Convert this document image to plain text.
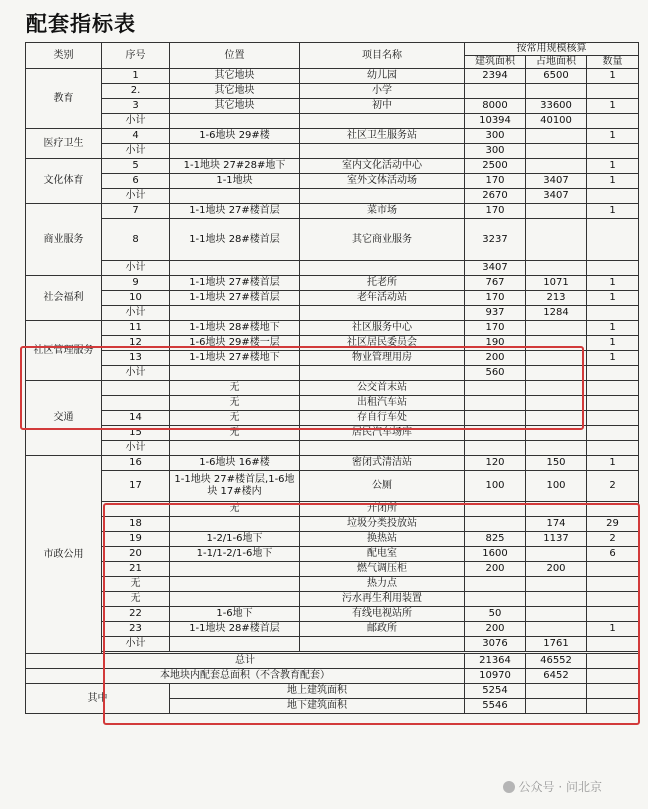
配套指标表
类别	序号	位置	项目名称	按常用规模核算		
				建筑面积	占地面积	数量
教育	1	其它地块	幼儿园	2394	6500	1
	2.	其它地块	小学			
	3	其它地块	初中	8000	33600	1
	小计			10394	40100	
医疗卫生	4	1-6地块 29#楼	社区卫生服务站	300		1
	小计			300		
文化体育	5	1-1地块 27#28#地下	室内文化活动中心	2500		1
	6	1-1地块	室外文体活动场	170	3407	1
	小计			2670	3407	
商业服务	7	1-1地块 27#楼首层	菜市场	170		1
	8	1-1地块 28#楼首层	其它商业服务	3237		
	小计			3407		
社会福利	9	1-1地块 27#楼首层	托老所	767	1071	1
	10	1-1地块 27#楼首层	老年活动站	170	213	1
	小计			937	1284	
社区管理服务	11	1-1地块 28#楼地下	社区服务中心	170		1
	12	1-6地块 29#楼一层	社区居民委员会	190		1
	13	1-1地块 27#楼地下	物业管理用房	200		1
	小计			560		
交通		无	公交首末站			
		无	出租汽车站			
	14	无	存自行车处			
	15	无	居民汽车场库			
	小计					
市政公用	16	1-6地块 16#楼	密闭式清洁站	120	150	1
	17	1-1地块 27#楼首层,1-6地块 17#楼内	公厕	100	100	2
		无	开闭所			
	18		垃圾分类投放站		174	29
	19	1-2/1-6地下	换热站	825	1137	2
	20	1-1/1-2/1-6地下	配电室	1600		6
	21		燃气调压柜	200	200	
	无		热力点			
	无		污水再生利用装置			
	22	1-6地下	有线电视站所	50		
	23	1-1地块 28#楼首层	邮政所	200		1
	小计			3076	1761	

总计				21364	46552	
本地块内配套总面积（不含教育配套）				10970	6452	
其中		地上建筑面积		5254		
		地下建筑面积		5546		
公众号 · 问北京
